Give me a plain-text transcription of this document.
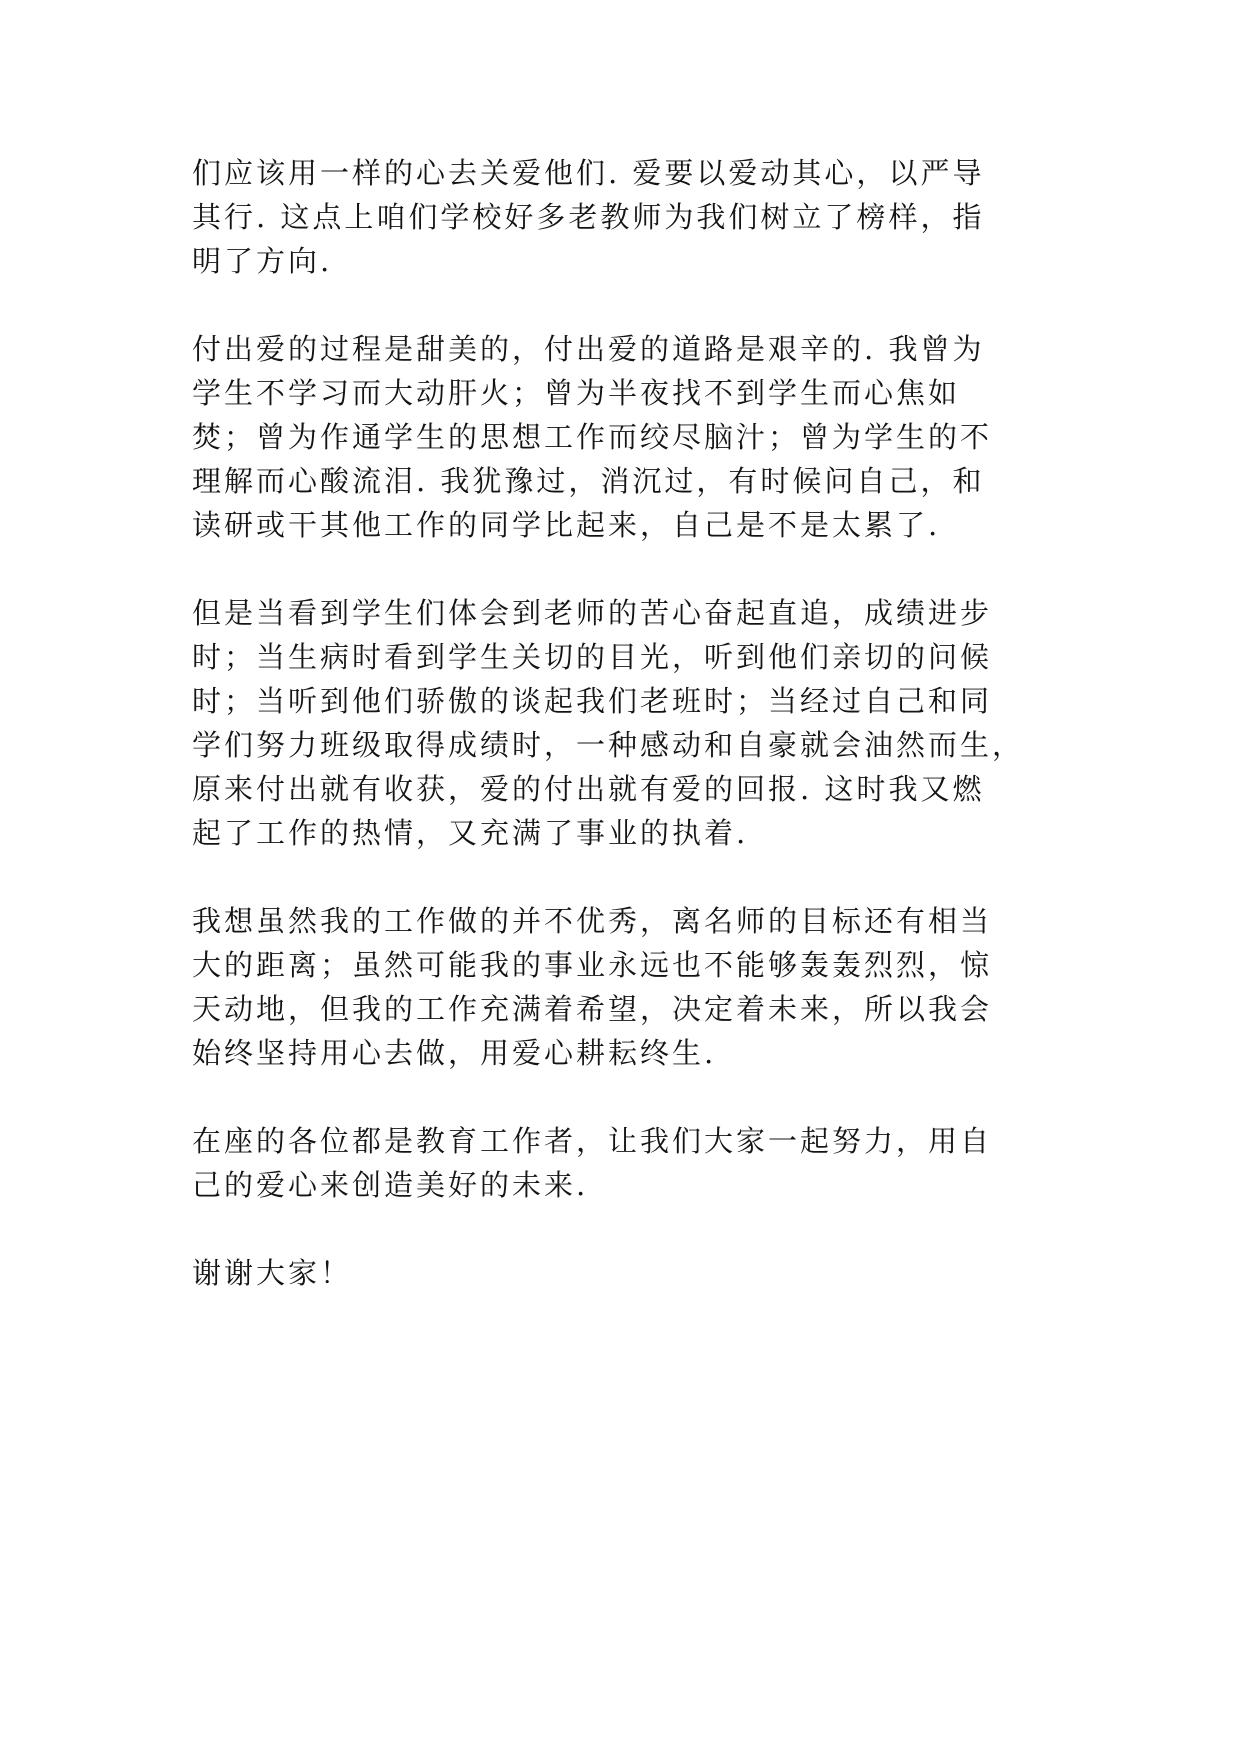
们应该用一样的心去关爱他们. 爱要以爱动其心，以严导
其行. 这点上咱们学校好多老教师为我们树立了榜样，指
明了方向.

付出爱的过程是甜美的，付出爱的道路是艰辛的. 我曾为
学生不学习而大动肝火；曾为半夜找不到学生而心焦如
焚；曾为作通学生的思想工作而绞尽脑汁；曾为学生的不
理解而心酸流泪. 我犹豫过，消沉过，有时候问自己，和
读研或干其他工作的同学比起来，自己是不是太累了.

但是当看到学生们体会到老师的苦心奋起直追，成绩进步
时；当生病时看到学生关切的目光，听到他们亲切的问候
时；当听到他们骄傲的谈起我们老班时；当经过自己和同
学们努力班级取得成绩时，一种感动和自豪就会油然而生，
原来付出就有收获，爱的付出就有爱的回报. 这时我又燃
起了工作的热情，又充满了事业的执着.

我想虽然我的工作做的并不优秀，离名师的目标还有相当
大的距离；虽然可能我的事业永远也不能够轰轰烈烈，惊
天动地，但我的工作充满着希望，决定着未来，所以我会
始终坚持用心去做，用爱心耕耘终生.

在座的各位都是教育工作者，让我们大家一起努力，用自
己的爱心来创造美好的未来.

谢谢大家！
